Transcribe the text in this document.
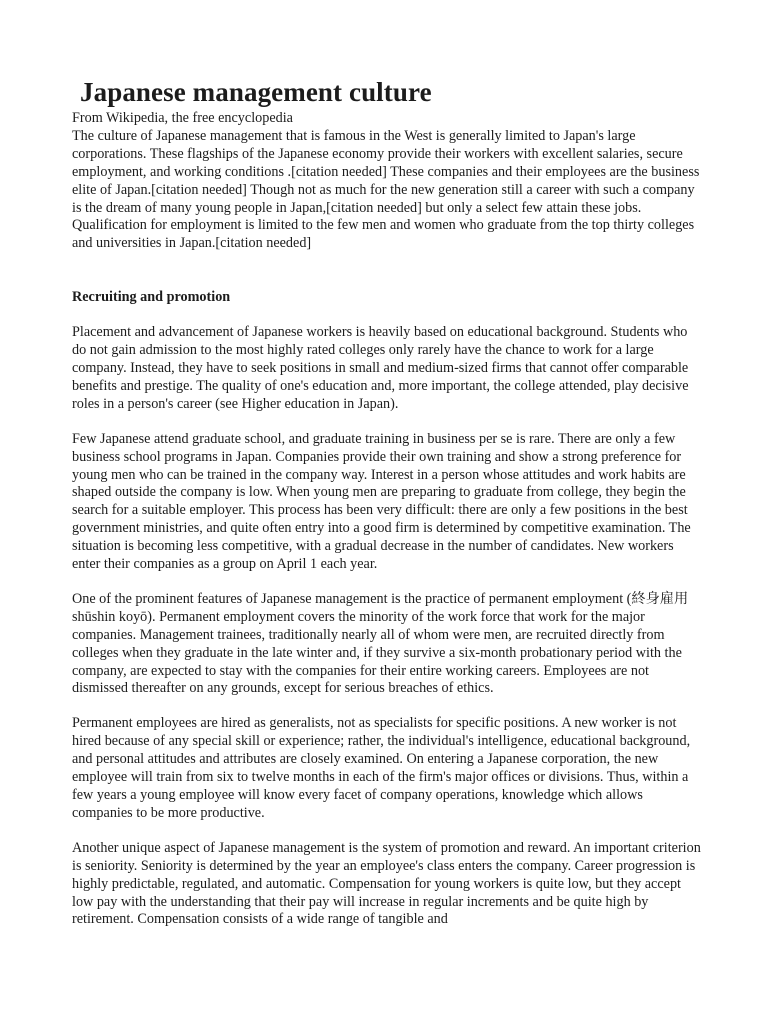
Japanese management culture

From Wikipedia, the free encyclopedia

The culture of Japanese management that is famous in the West is generally limited to Japan's large corporations. These flagships of the Japanese economy provide their workers with excellent salaries, secure employment, and working conditions .[citation needed] These companies and their employees are the business elite of Japan.[citation needed] Though not as much for the new generation still a career with such a company is the dream of many young people in Japan,[citation needed] but only a select few attain these jobs. Qualification for employment is limited to the few men and women who graduate from the top thirty colleges and universities in Japan.[citation needed]

Recruiting and promotion

Placement and advancement of Japanese workers is heavily based on educational background. Students who do not gain admission to the most highly rated colleges only rarely have the chance to work for a large company. Instead, they have to seek positions in small and medium-sized firms that cannot offer comparable benefits and prestige. The quality of one's education and, more important, the college attended, play decisive roles in a person's career (see Higher education in Japan).

Few Japanese attend graduate school, and graduate training in business per se is rare. There are only a few business school programs in Japan. Companies provide their own training and show a strong preference for young men who can be trained in the company way. Interest in a person whose attitudes and work habits are shaped outside the company is low. When young men are preparing to graduate from college, they begin the search for a suitable employer. This process has been very difficult: there are only a few positions in the best government ministries, and quite often entry into a good firm is determined by competitive examination. The situation is becoming less competitive, with a gradual decrease in the number of candidates. New workers enter their companies as a group on April 1 each year.

One of the prominent features of Japanese management is the practice of permanent employment (終身雇用 shūshin koyō). Permanent employment covers the minority of the work force that work for the major companies. Management trainees, traditionally nearly all of whom were men, are recruited directly from colleges when they graduate in the late winter and, if they survive a six-month probationary period with the company, are expected to stay with the companies for their entire working careers. Employees are not dismissed thereafter on any grounds, except for serious breaches of ethics.

Permanent employees are hired as generalists, not as specialists for specific positions. A new worker is not hired because of any special skill or experience; rather, the individual's intelligence, educational background, and personal attitudes and attributes are closely examined. On entering a Japanese corporation, the new employee will train from six to twelve months in each of the firm's major offices or divisions. Thus, within a few years a young employee will know every facet of company operations, knowledge which allows companies to be more productive.

Another unique aspect of Japanese management is the system of promotion and reward. An important criterion is seniority. Seniority is determined by the year an employee's class enters the company. Career progression is highly predictable, regulated, and automatic. Compensation for young workers is quite low, but they accept low pay with the understanding that their pay will increase in regular increments and be quite high by retirement. Compensation consists of a wide range of tangible and
